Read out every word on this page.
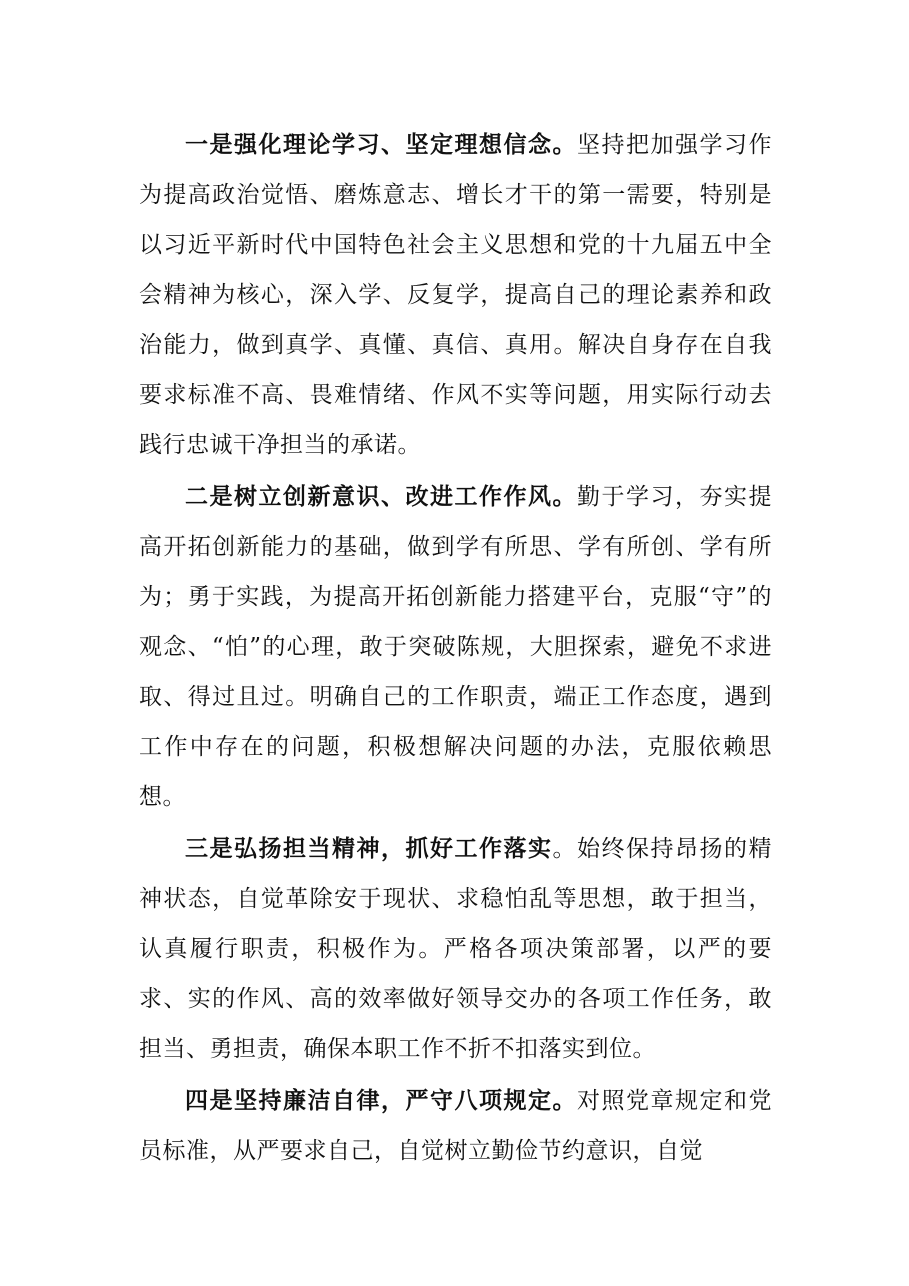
一是强化理论学习、坚定理想信念。坚持把加强学习作为提高政治觉悟、磨炼意志、增长才干的第一需要，特别是以习近平新时代中国特色社会主义思想和党的十九届五中全会精神为核心，深入学、反复学，提高自己的理论素养和政治能力，做到真学、真懂、真信、真用。解决自身存在自我要求标准不高、畏难情绪、作风不实等问题，用实际行动去践行忠诚干净担当的承诺。

二是树立创新意识、改进工作作风。勤于学习，夯实提高开拓创新能力的基础，做到学有所思、学有所创、学有所为；勇于实践，为提高开拓创新能力搭建平台，克服“守”的观念、“怕”的心理，敢于突破陈规，大胆探索，避免不求进取、得过且过。明确自己的工作职责，端正工作态度，遇到工作中存在的问题，积极想解决问题的办法，克服依赖思想。

三是弘扬担当精神，抓好工作落实。始终保持昂扬的精神状态，自觉革除安于现状、求稳怕乱等思想，敢于担当，认真履行职责，积极作为。严格各项决策部署，以严的要求、实的作风、高的效率做好领导交办的各项工作任务，敢担当、勇担责，确保本职工作不折不扣落实到位。

四是坚持廉洁自律，严守八项规定。对照党章规定和党员标准，从严要求自己，自觉树立勤俭节约意识，自觉
